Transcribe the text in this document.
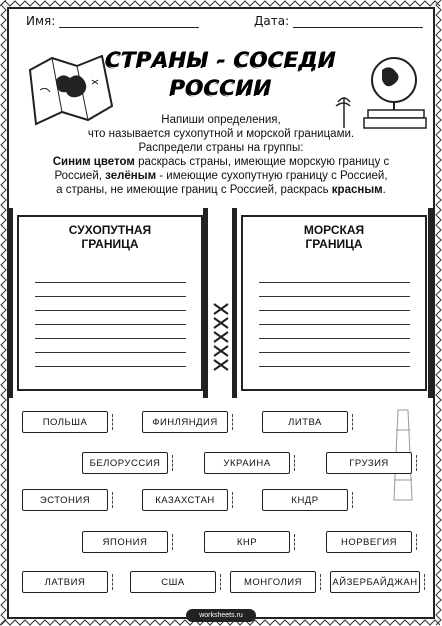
Имя:	Дата:
СТРАНЫ - СОСЕДИ
РОССИИ
Напиши определения,
что называется сухопутной и морской границами.
Распредели страны на группы:
Синим цветом раскрась страны, имеющие морскую границу с
Россией, зелёным - имеющие сухопутную границу с Россией,
а страны, не имеющие границ с Россией, раскрась красным.
СУХОПУТНАЯ
ГРАНИЦА
МОРСКАЯ
ГРАНИЦА
ПОЛЬША	ФИНЛЯНДИЯ	ЛИТВА
БЕЛОРУССИЯ	УКРАИНА	ГРУЗИЯ
ЭСТОНИЯ	КАЗАХСТАН	КНДР
ЯПОНИЯ	КНР	НОРВЕГИЯ
ЛАТВИЯ	США	МОНГОЛИЯ	АЙЗЕРБАЙДЖАН
worksheets.ru
